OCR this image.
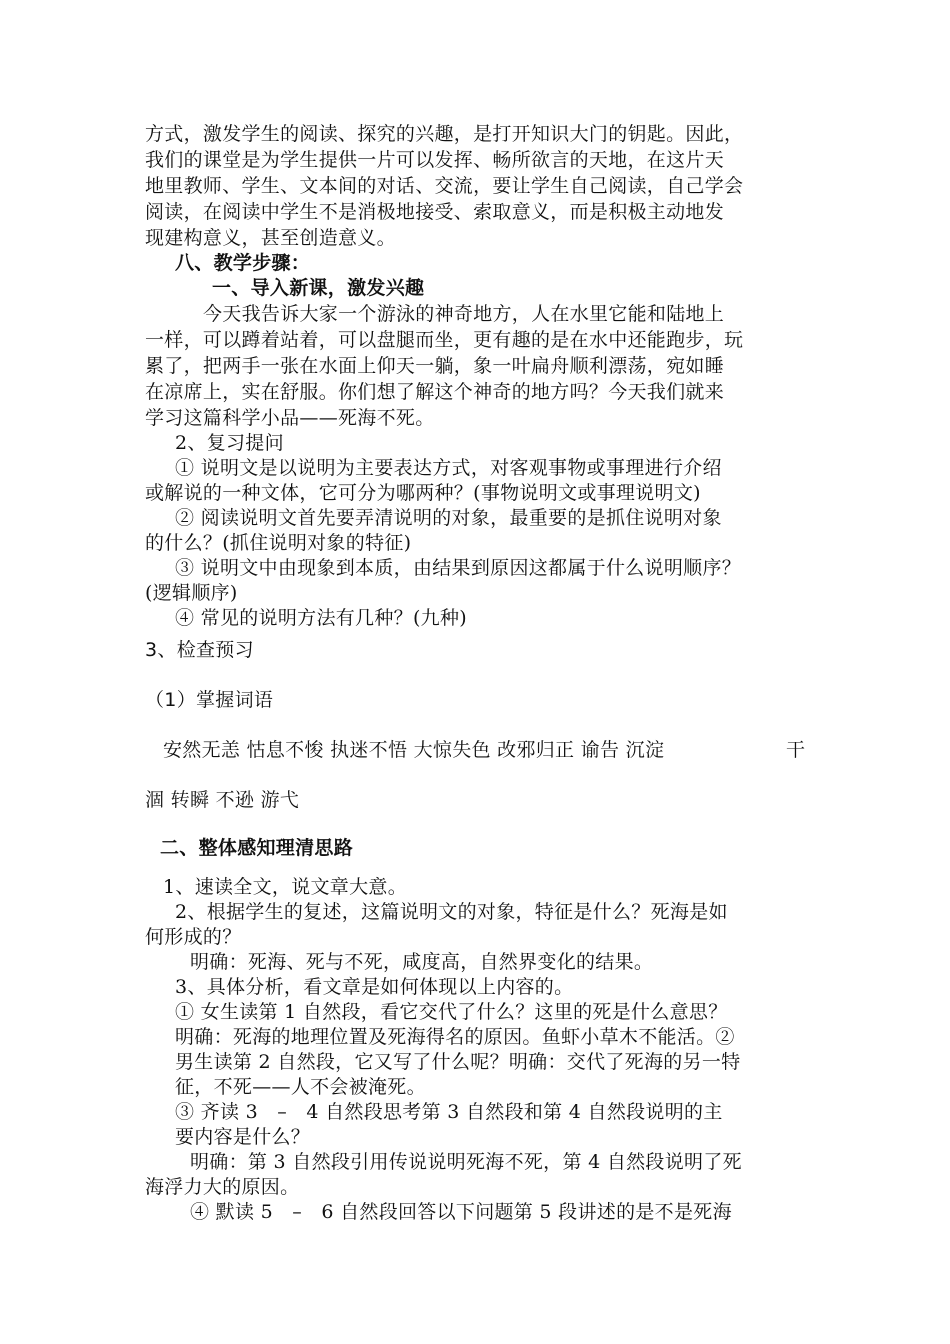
方式，激发学生的阅读、探究的兴趣，是打开知识大门的钥匙。因此，
我们的课堂是为学生提供一片可以发挥、畅所欲言的天地，在这片天
地里教师、学生、文本间的对话、交流，要让学生自己阅读，自己学会
阅读，在阅读中学生不是消极地接受、索取意义，而是积极主动地发
现建构意义，甚至创造意义。
八、教学步骤：
一、导入新课，激发兴趣
今天我告诉大家一个游泳的神奇地方，人在水里它能和陆地上
一样，可以蹲着站着，可以盘腿而坐，更有趣的是在水中还能跑步，玩
累了，把两手一张在水面上仰天一躺，象一叶扁舟顺利漂荡，宛如睡
在凉席上，实在舒服。你们想了解这个神奇的地方吗？今天我们就来
学习这篇科学小品——死海不死。
2、复习提问
① 说明文是以说明为主要表达方式，对客观事物或事理进行介绍
或解说的一种文体，它可分为哪两种？(事物说明文或事理说明文)
② 阅读说明文首先要弄清说明的对象，最重要的是抓住说明对象
的什么？(抓住说明对象的特征)
③ 说明文中由现象到本质，由结果到原因这都属于什么说明顺序？
(逻辑顺序)
④ 常见的说明方法有几种？(九种)
3、检查预习
（1）掌握词语
安然无恙 怙息不悛 执迷不悟 大惊失色 改邪归正 谕告 沉淀	干
涸 转瞬 不逊 游弋
二、整体感知理清思路
1、速读全文，说文章大意。
2、根据学生的复述，这篇说明文的对象，特征是什么？死海是如
何形成的？
明确：死海、死与不死，咸度高，自然界变化的结果。
3、具体分析，看文章是如何体现以上内容的。
① 女生读第 1 自然段，看它交代了什么？这里的死是什么意思？
明确：死海的地理位置及死海得名的原因。鱼虾小草木不能活。②
男生读第 2 自然段，它又写了什么呢？明确：交代了死海的另一特
征，不死——人不会被淹死。
③ 齐读 3　–　4 自然段思考第 3 自然段和第 4 自然段说明的主
要内容是什么？
明确：第 3 自然段引用传说说明死海不死，第 4 自然段说明了死
海浮力大的原因。
④ 默读 5　–　6 自然段回答以下问题第 5 段讲述的是不是死海
